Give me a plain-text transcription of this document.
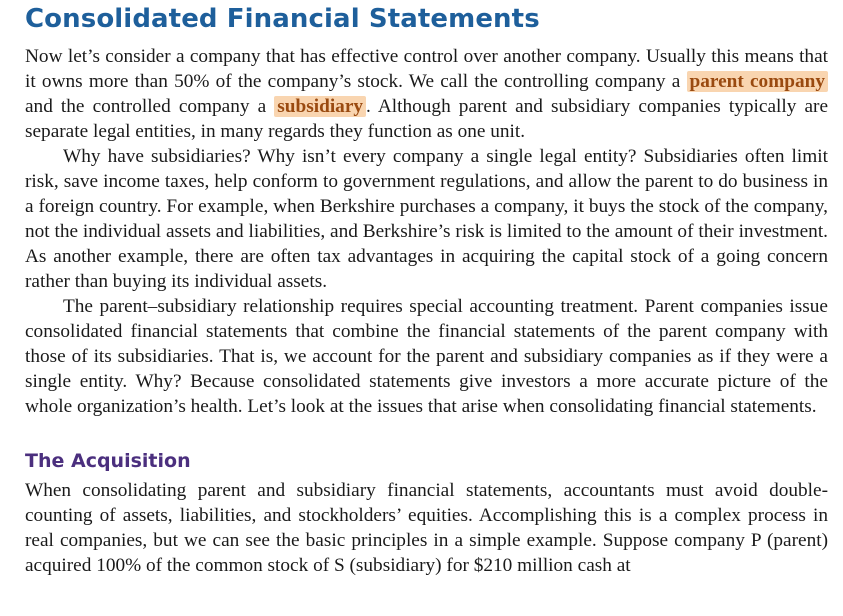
Consolidated Financial Statements

Now let’s consider a company that has effective control over another company. Usually this means that it owns more than 50% of the company’s stock. We call the controlling company a parent company and the controlled company a subsidiary . Although parent and subsidiary companies typically are separate legal entities, in many regards they function as one unit.

Why have subsidiaries? Why isn’t every company a single legal entity? Subsidiaries often limit risk, save income taxes, help conform to government regulations, and allow the parent to do business in a foreign country. For example, when Berkshire purchases a company, it buys the stock of the company, not the individual assets and liabilities, and Berkshire’s risk is limited to the amount of their investment. As another example, there are often tax advantages in acquiring the capital stock of a going concern rather than buying its individual assets.

The parent–subsidiary relationship requires special accounting treatment. Parent companies issue consolidated financial statements that combine the financial statements of the parent company with those of its subsidiaries. That is, we account for the parent and subsidiary companies as if they were a single entity. Why? Because consolidated statements give investors a more accurate picture of the whole organization’s health. Let’s look at the issues that arise when consolidating financial statements.

The Acquisition

When consolidating parent and subsidiary financial statements, accountants must avoid double-counting of assets, liabilities, and stockholders’ equities. Accomplishing this is a complex process in real companies, but we can see the basic principles in a simple example. Suppose company P (parent) acquired 100% of the common stock of S (subsidiary) for $210 million cash at
